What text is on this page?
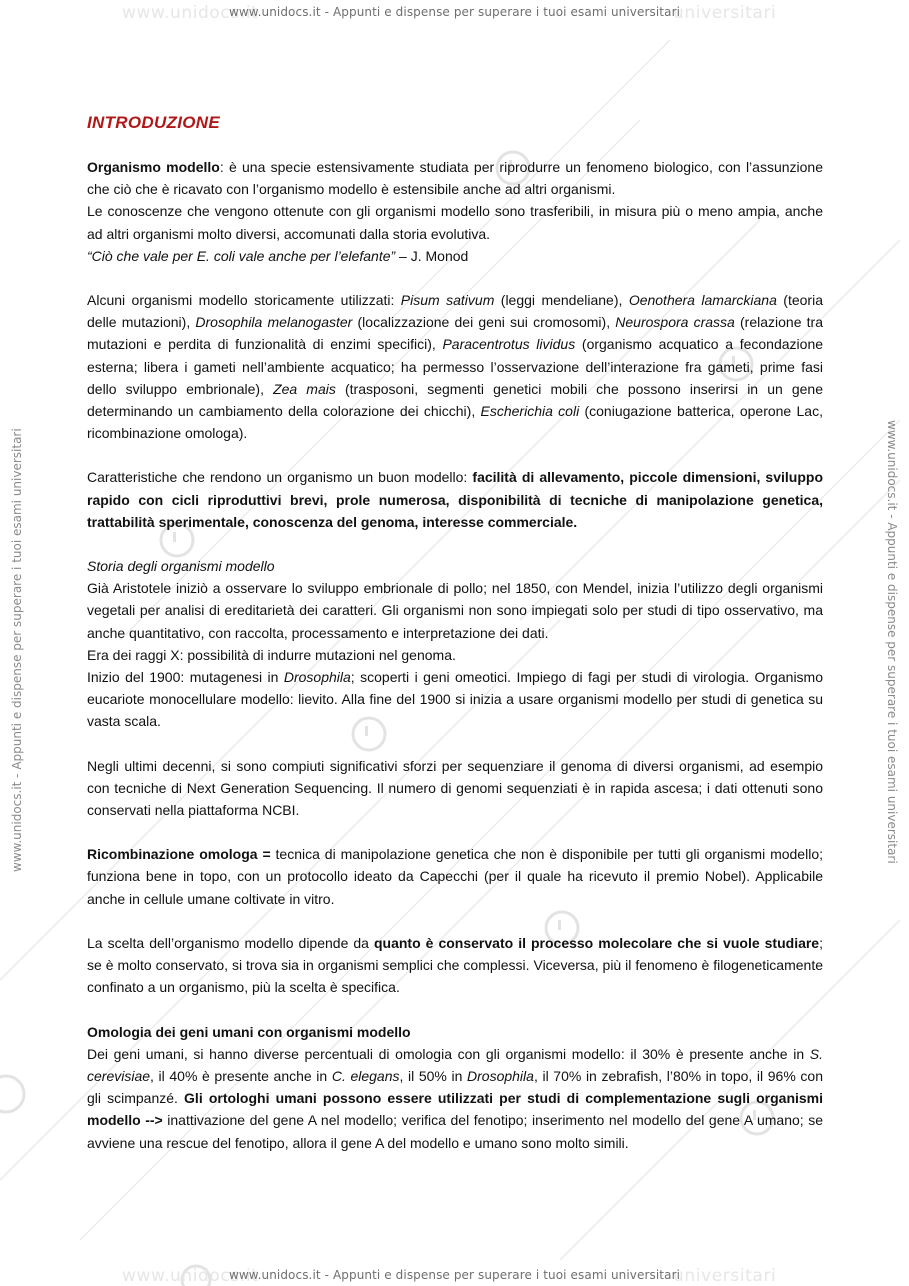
www.unidocs.it	universitari
www.unidocs.it	universitari
www.unidocs.it - Appunti e dispense per superare i tuoi esami universitari
www.unidocs.it - Appunti e dispense per superare i tuoi esami universitari
www.unidocs.it - Appunti e dispense per superare i tuoi esami universitari	www.unidocs.it - Appunti e dispense per superare i tuoi esami universitari
INTRODUZIONE

Organismo modello: è una specie estensivamente studiata per riprodurre un fenomeno biologico, con l’assunzione che ciò che è ricavato con l’organismo modello è estensibile anche ad altri organismi.
Le conoscenze che vengono ottenute con gli organismi modello sono trasferibili, in misura più o meno ampia, anche ad altri organismi molto diversi, accomunati dalla storia evolutiva.
“Ciò che vale per E. coli vale anche per l’elefante” – J. Monod

Alcuni organismi modello storicamente utilizzati: Pisum sativum (leggi mendeliane), Oenothera lamarckiana (teoria delle mutazioni), Drosophila melanogaster (localizzazione dei geni sui cromosomi), Neurospora crassa (relazione tra mutazioni e perdita di funzionalità di enzimi specifici), Paracentrotus lividus (organismo acquatico a fecondazione esterna; libera i gameti nell’ambiente acquatico; ha permesso l’osservazione dell’interazione fra gameti, prime fasi dello sviluppo embrionale), Zea mais (trasposoni, segmenti genetici mobili che possono inserirsi in un gene determinando un cambiamento della colorazione dei chicchi), Escherichia coli (coniugazione batterica, operone Lac, ricombinazione omologa).

Caratteristiche che rendono un organismo un buon modello: facilità di allevamento, piccole dimensioni, sviluppo rapido con cicli riproduttivi brevi, prole numerosa, disponibilità di tecniche di manipolazione genetica, trattabilità sperimentale, conoscenza del genoma, interesse commerciale.

Storia degli organismi modello
Già Aristotele iniziò a osservare lo sviluppo embrionale di pollo; nel 1850, con Mendel, inizia l’utilizzo degli organismi vegetali per analisi di ereditarietà dei caratteri. Gli organismi non sono impiegati solo per studi di tipo osservativo, ma anche quantitativo, con raccolta, processamento e interpretazione dei dati.
Era dei raggi X: possibilità di indurre mutazioni nel genoma.
Inizio del 1900: mutagenesi in Drosophila; scoperti i geni omeotici. Impiego di fagi per studi di virologia. Organismo eucariote monocellulare modello: lievito. Alla fine del 1900 si inizia a usare organismi modello per studi di genetica su vasta scala.

Negli ultimi decenni, si sono compiuti significativi sforzi per sequenziare il genoma di diversi organismi, ad esempio con tecniche di Next Generation Sequencing. Il numero di genomi sequenziati è in rapida ascesa; i dati ottenuti sono conservati nella piattaforma NCBI.

Ricombinazione omologa = tecnica di manipolazione genetica che non è disponibile per tutti gli organismi modello; funziona bene in topo, con un protocollo ideato da Capecchi (per il quale ha ricevuto il premio Nobel). Applicabile anche in cellule umane coltivate in vitro.

La scelta dell’organismo modello dipende da quanto è conservato il processo molecolare che si vuole studiare; se è molto conservato, si trova sia in organismi semplici che complessi. Viceversa, più il fenomeno è filogeneticamente confinato a un organismo, più la scelta è specifica.

Omologia dei geni umani con organismi modello
Dei geni umani, si hanno diverse percentuali di omologia con gli organismi modello: il 30% è presente anche in S. cerevisiae, il 40% è presente anche in C. elegans, il 50% in Drosophila, il 70% in zebrafish, l’80% in topo, il 96% con gli scimpanzé. Gli ortologhi umani possono essere utilizzati per studi di complementazione sugli organismi modello --> inattivazione del gene A nel modello; verifica del fenotipo; inserimento nel modello del gene A umano; se avviene una rescue del fenotipo, allora il gene A del modello e umano sono molto simili.
